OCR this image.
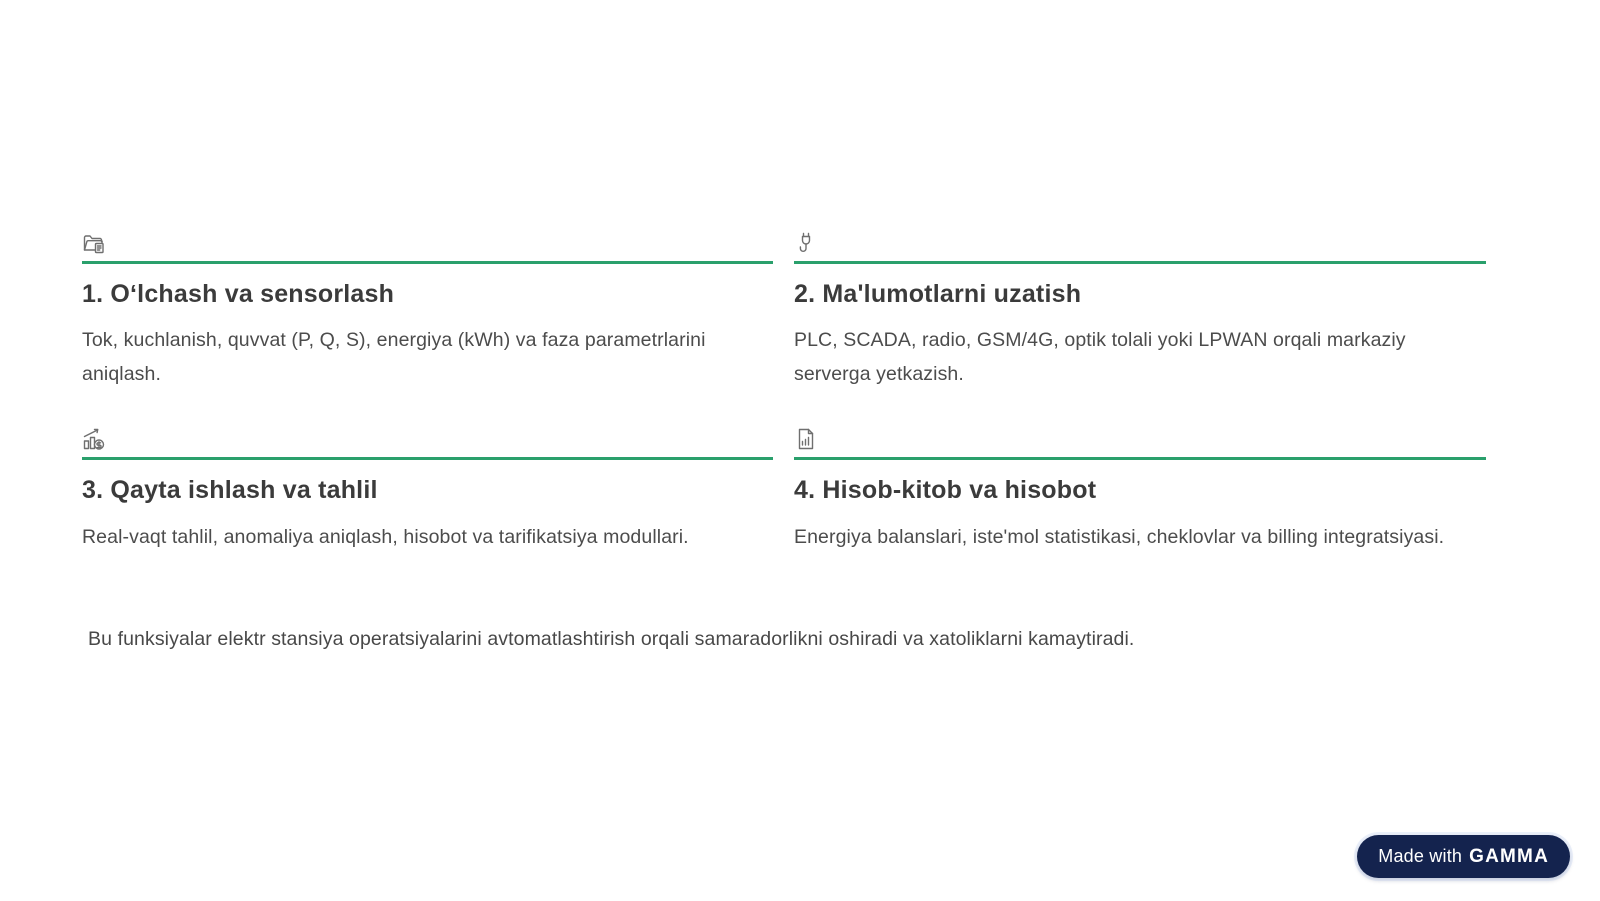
1. Oʻlchash va sensorlash

Tok, kuchlanish, quvvat (P, Q, S), energiya (kWh) va faza parametrlarini aniqlash.

2. Ma'lumotlarni uzatish

PLC, SCADA, radio, GSM/4G, optik tolali yoki LPWAN orqali markaziy serverga yetkazish.

3. Qayta ishlash va tahlil

Real-vaqt tahlil, anomaliya aniqlash, hisobot va tarifikatsiya modullari.

4. Hisob-kitob va hisobot

Energiya balanslari, iste'mol statistikasi, cheklovlar va billing integratsiyasi.

Bu funksiyalar elektr stansiya operatsiyalarini avtomatlashtirish orqali samaradorlikni oshiradi va xatoliklarni kamaytiradi.

Made with GAMMA
